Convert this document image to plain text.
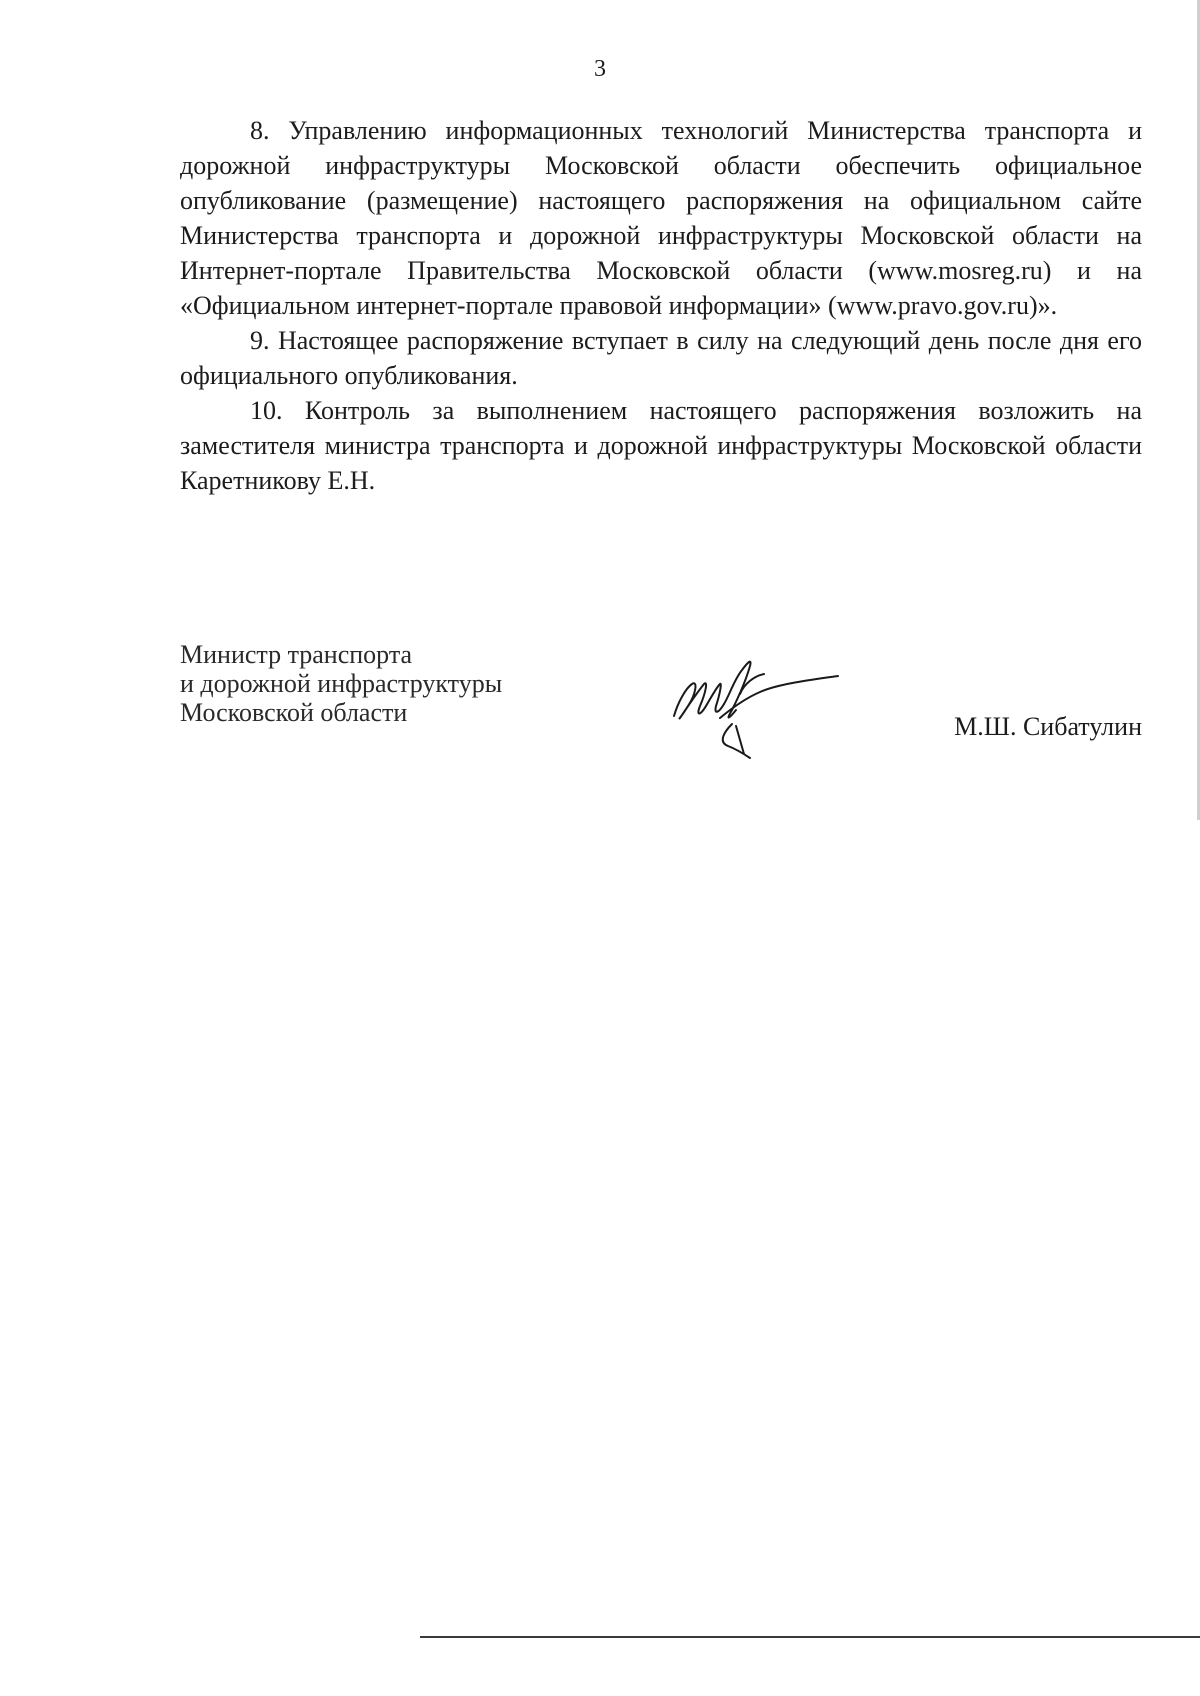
3

8. Управлению информационных технологий Министерства транспорта и дорожной инфраструктуры Московской области обеспечить официальное опубликование (размещение) настоящего распоряжения на официальном сайте Министерства транспорта и дорожной инфраструктуры Московской области на Интернет-портале Правительства Московской области (www.mosreg.ru) и на «Официальном интернет-портале правовой информации» (www.pravo.gov.ru)».

9. Настоящее распоряжение вступает в силу на следующий день после дня его официального опубликования.

10. Контроль за выполнением настоящего распоряжения возложить на заместителя министра транспорта и дорожной инфраструктуры Московской области Каретникову Е.Н.

Министр транспорта
и дорожной инфраструктуры
Московской области	М.Ш. Сибатулин
